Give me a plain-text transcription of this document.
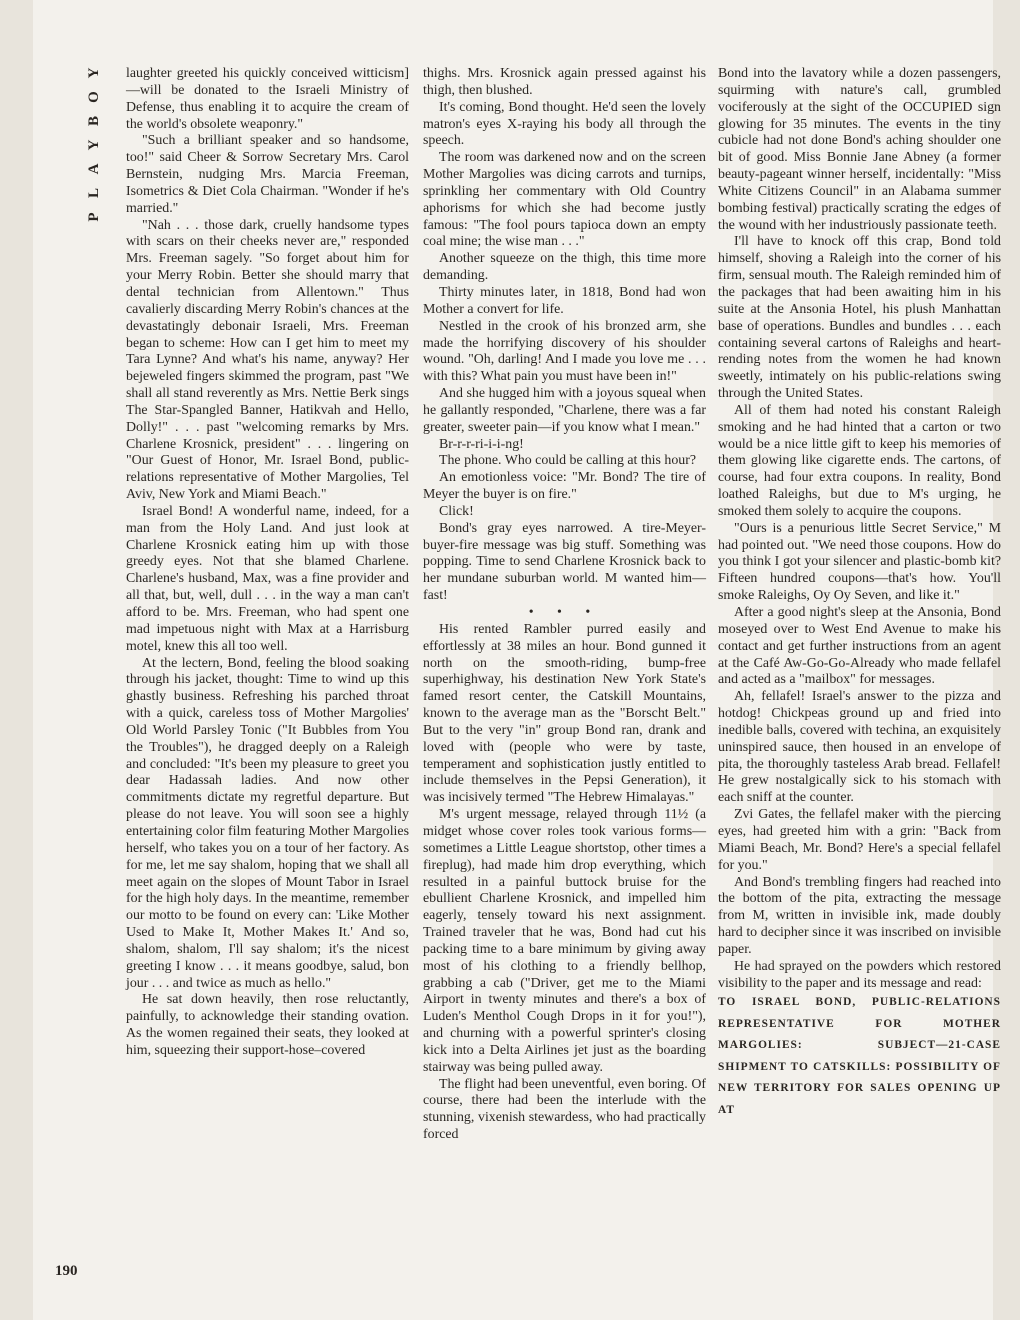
Y
O
B
Y
A
L
P

laughter greeted his quickly conceived witticism]—will be donated to the Israeli Ministry of Defense, thus enabling it to acquire the cream of the world's obsolete weaponry."

"Such a brilliant speaker and so handsome, too!" said Cheer & Sorrow Secretary Mrs. Carol Bernstein, nudging Mrs. Marcia Freeman, Isometrics & Diet Cola Chairman. "Wonder if he's married."

"Nah . . . those dark, cruelly handsome types with scars on their cheeks never are," responded Mrs. Freeman sagely. "So forget about him for your Merry Robin. Better she should marry that dental technician from Allentown." Thus cavalierly discarding Merry Robin's chances at the devastatingly debonair Israeli, Mrs. Freeman began to scheme: How can I get him to meet my Tara Lynne? And what's his name, anyway? Her bejeweled fingers skimmed the program, past "We shall all stand reverently as Mrs. Nettie Berk sings The Star-Spangled Banner, Hatikvah and Hello, Dolly!" . . . past "welcoming remarks by Mrs. Charlene Krosnick, president" . . . lingering on "Our Guest of Honor, Mr. Israel Bond, public-relations representative of Mother Margolies, Tel Aviv, New York and Miami Beach."

Israel Bond! A wonderful name, indeed, for a man from the Holy Land. And just look at Charlene Krosnick eating him up with those greedy eyes. Not that she blamed Charlene. Charlene's husband, Max, was a fine provider and all that, but, well, dull . . . in the way a man can't afford to be. Mrs. Freeman, who had spent one mad impetuous night with Max at a Harrisburg motel, knew this all too well.

At the lectern, Bond, feeling the blood soaking through his jacket, thought: Time to wind up this ghastly business. Refreshing his parched throat with a quick, careless toss of Mother Margolies' Old World Parsley Tonic ("It Bubbles from You the Troubles"), he dragged deeply on a Raleigh and concluded: "It's been my pleasure to greet you dear Hadassah ladies. And now other commitments dictate my regretful departure. But please do not leave. You will soon see a highly entertaining color film featuring Mother Margolies herself, who takes you on a tour of her factory. As for me, let me say shalom, hoping that we shall all meet again on the slopes of Mount Tabor in Israel for the high holy days. In the meantime, remember our motto to be found on every can: 'Like Mother Used to Make It, Mother Makes It.' And so, shalom, shalom, I'll say shalom; it's the nicest greeting I know . . . it means goodbye, salud, bon jour . . . and twice as much as hello."

He sat down heavily, then rose reluctantly, painfully, to acknowledge their standing ovation. As the women regained their seats, they looked at him, squeezing their support-hose–covered

thighs. Mrs. Krosnick again pressed against his thigh, then blushed.

It's coming, Bond thought. He'd seen the lovely matron's eyes X-raying his body all through the speech.

The room was darkened now and on the screen Mother Margolies was dicing carrots and turnips, sprinkling her commentary with Old Country aphorisms for which she had become justly famous: "The fool pours tapioca down an empty coal mine; the wise man . . ."

Another squeeze on the thigh, this time more demanding.

Thirty minutes later, in 1818, Bond had won Mother a convert for life.

Nestled in the crook of his bronzed arm, she made the horrifying discovery of his shoulder wound. "Oh, darling! And I made you love me . . . with this? What pain you must have been in!"

And she hugged him with a joyous squeal when he gallantly responded, "Charlene, there was a far greater, sweeter pain—if you know what I mean."

Br-r-r-ri-i-i-ng!

The phone. Who could be calling at this hour?

An emotionless voice: "Mr. Bond? The tire of Meyer the buyer is on fire."

Click!

Bond's gray eyes narrowed. A tire-Meyer-buyer-fire message was big stuff. Something was popping. Time to send Charlene Krosnick back to her mundane suburban world. M wanted him—fast!

• • •

His rented Rambler purred easily and effortlessly at 38 miles an hour. Bond gunned it north on the smooth-riding, bump-free superhighway, his destination New York State's famed resort center, the Catskill Mountains, known to the average man as the "Borscht Belt." But to the very "in" group Bond ran, drank and loved with (people who were by taste, temperament and sophistication justly entitled to include themselves in the Pepsi Generation), it was incisively termed "The Hebrew Himalayas."

M's urgent message, relayed through 11½ (a midget whose cover roles took various forms—sometimes a Little League shortstop, other times a fireplug), had made him drop everything, which resulted in a painful buttock bruise for the ebullient Charlene Krosnick, and impelled him eagerly, tensely toward his next assignment. Trained traveler that he was, Bond had cut his packing time to a bare minimum by giving away most of his clothing to a friendly bellhop, grabbing a cab ("Driver, get me to the Miami Airport in twenty minutes and there's a box of Luden's Menthol Cough Drops in it for you!"), and churning with a powerful sprinter's closing kick into a Delta Airlines jet just as the boarding stairway was being pulled away.

The flight had been uneventful, even boring. Of course, there had been the interlude with the stunning, vixenish stewardess, who had practically forced

Bond into the lavatory while a dozen passengers, squirming with nature's call, grumbled vociferously at the sight of the OCCUPIED sign glowing for 35 minutes. The events in the tiny cubicle had not done Bond's aching shoulder one bit of good. Miss Bonnie Jane Abney (a former beauty-pageant winner herself, incidentally: "Miss White Citizens Council" in an Alabama summer bombing festival) practically scrating the edges of the wound with her industriously passionate teeth.

I'll have to knock off this crap, Bond told himself, shoving a Raleigh into the corner of his firm, sensual mouth. The Raleigh reminded him of the packages that had been awaiting him in his suite at the Ansonia Hotel, his plush Manhattan base of operations. Bundles and bundles . . . each containing several cartons of Raleighs and heart-rending notes from the women he had known sweetly, intimately on his public-relations swing through the United States.

All of them had noted his constant Raleigh smoking and he had hinted that a carton or two would be a nice little gift to keep his memories of them glowing like cigarette ends. The cartons, of course, had four extra coupons. In reality, Bond loathed Raleighs, but due to M's urging, he smoked them solely to acquire the coupons.

"Ours is a penurious little Secret Service," M had pointed out. "We need those coupons. How do you think I got your silencer and plastic-bomb kit? Fifteen hundred coupons—that's how. You'll smoke Raleighs, Oy Oy Seven, and like it."

After a good night's sleep at the Ansonia, Bond moseyed over to West End Avenue to make his contact and get further instructions from an agent at the Café Aw-Go-Go-Already who made fellafel and acted as a "mailbox" for messages.

Ah, fellafel! Israel's answer to the pizza and hotdog! Chickpeas ground up and fried into inedible balls, covered with techina, an exquisitely uninspired sauce, then housed in an envelope of pita, the thoroughly tasteless Arab bread. Fellafel! He grew nostalgically sick to his stomach with each sniff at the counter.

Zvi Gates, the fellafel maker with the piercing eyes, had greeted him with a grin: "Back from Miami Beach, Mr. Bond? Here's a special fellafel for you."

And Bond's trembling fingers had reached into the bottom of the pita, extracting the message from M, written in invisible ink, made doubly hard to decipher since it was inscribed on invisible paper.

He had sprayed on the powders which restored visibility to the paper and its message and read:

TO ISRAEL BOND, PUBLIC-RELATIONS REPRESENTATIVE FOR MOTHER MARGOLIES: SUBJECT—21-CASE SHIPMENT TO CATSKILLS: POSSIBILITY OF NEW TERRITORY FOR SALES OPENING UP AT

190
